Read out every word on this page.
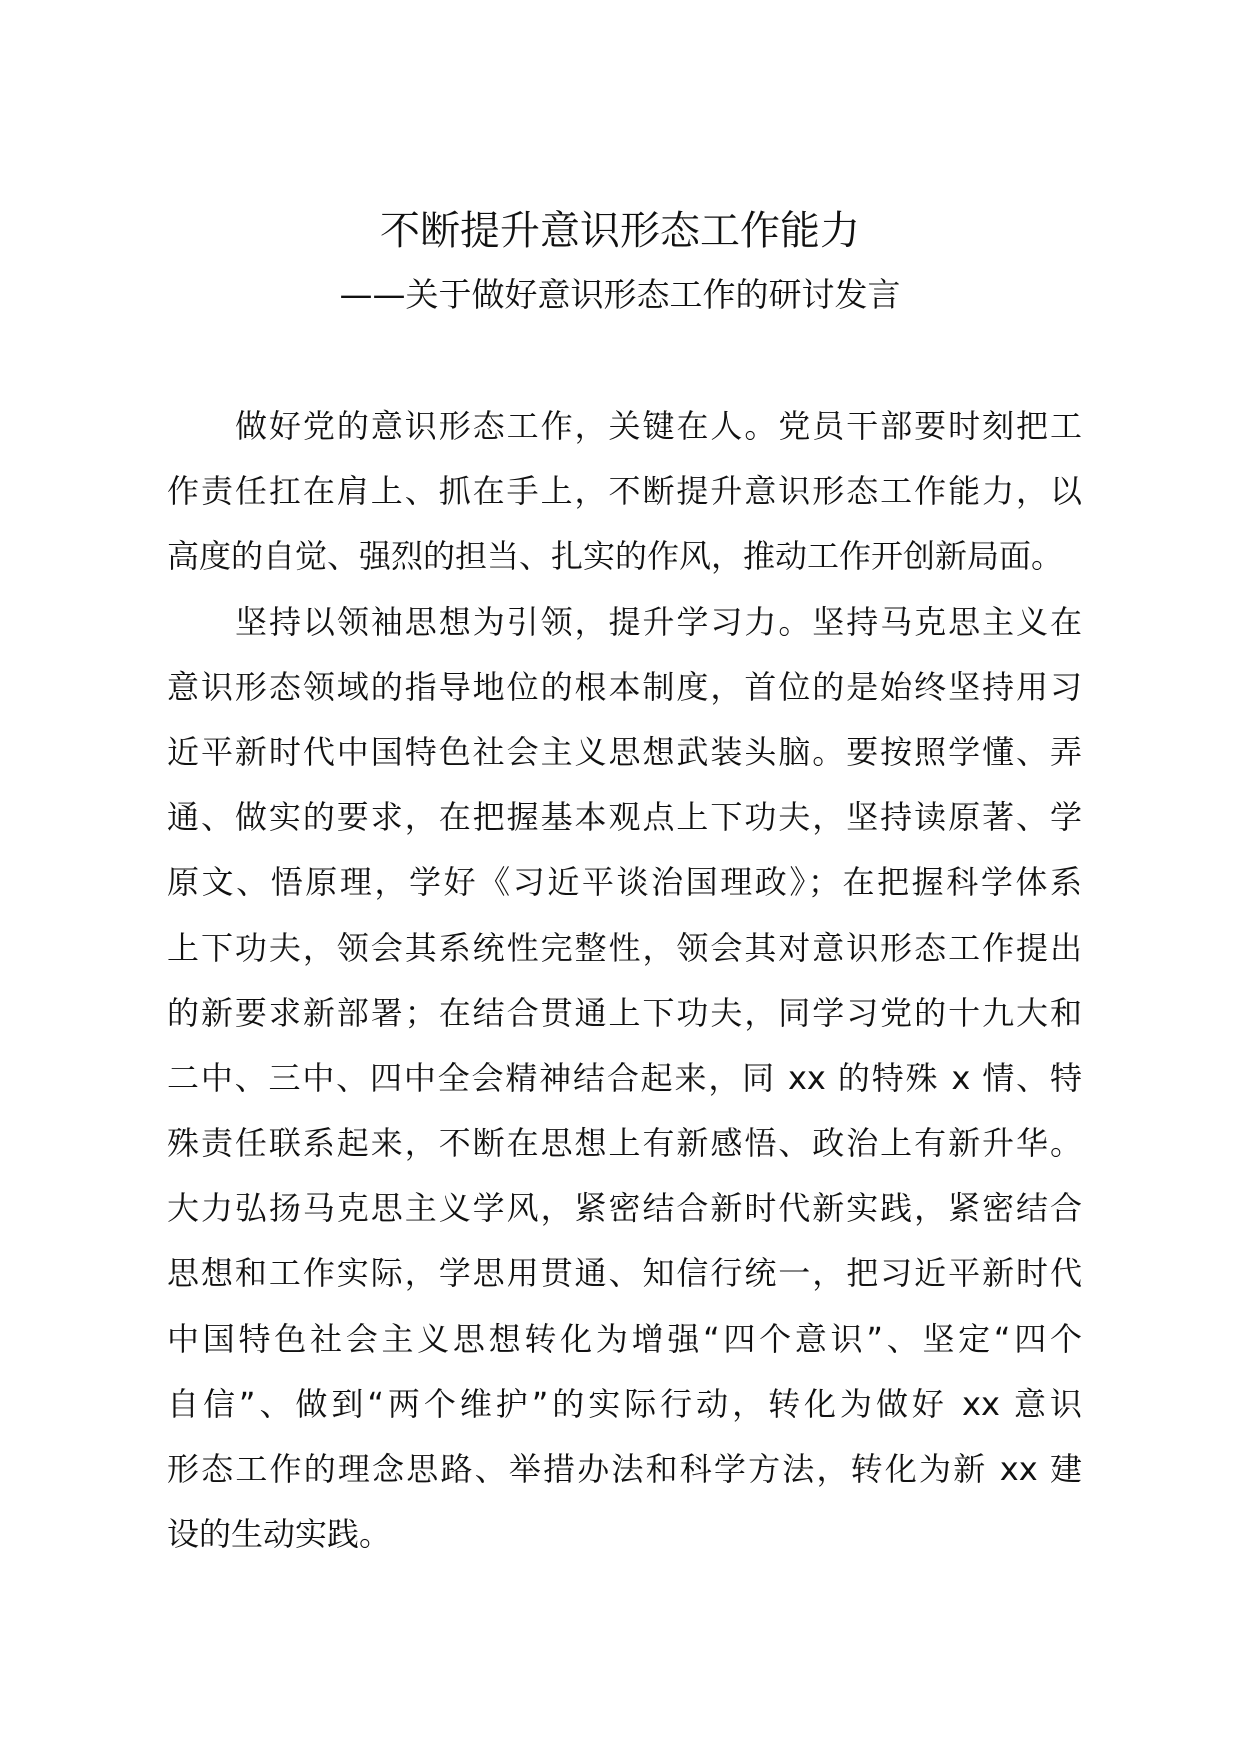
不断提升意识形态工作能力
——关于做好意识形态工作的研讨发言
做好党的意识形态工作，关键在人。党员干部要时刻把工
作责任扛在肩上、抓在手上，不断提升意识形态工作能力，以
高度的自觉、强烈的担当、扎实的作风，推动工作开创新局面。
坚持以领袖思想为引领，提升学习力。坚持马克思主义在
意识形态领域的指导地位的根本制度，首位的是始终坚持用习
近平新时代中国特色社会主义思想武装头脑。要按照学懂、弄
通、做实的要求，在把握基本观点上下功夫，坚持读原著、学
原文、悟原理，学好《习近平谈治国理政》；在把握科学体系
上下功夫，领会其系统性完整性，领会其对意识形态工作提出
的新要求新部署；在结合贯通上下功夫，同学习党的十九大和
二中、三中、四中全会精神结合起来，同 xx 的特殊 x 情、特
殊责任联系起来，不断在思想上有新感悟、政治上有新升华。
大力弘扬马克思主义学风，紧密结合新时代新实践，紧密结合
思想和工作实际，学思用贯通、知信行统一，把习近平新时代
中国特色社会主义思想转化为增强“四个意识”、坚定“四个
自信”、做到“两个维护”的实际行动，转化为做好 xx 意识
形态工作的理念思路、举措办法和科学方法，转化为新 xx 建
设的生动实践。
